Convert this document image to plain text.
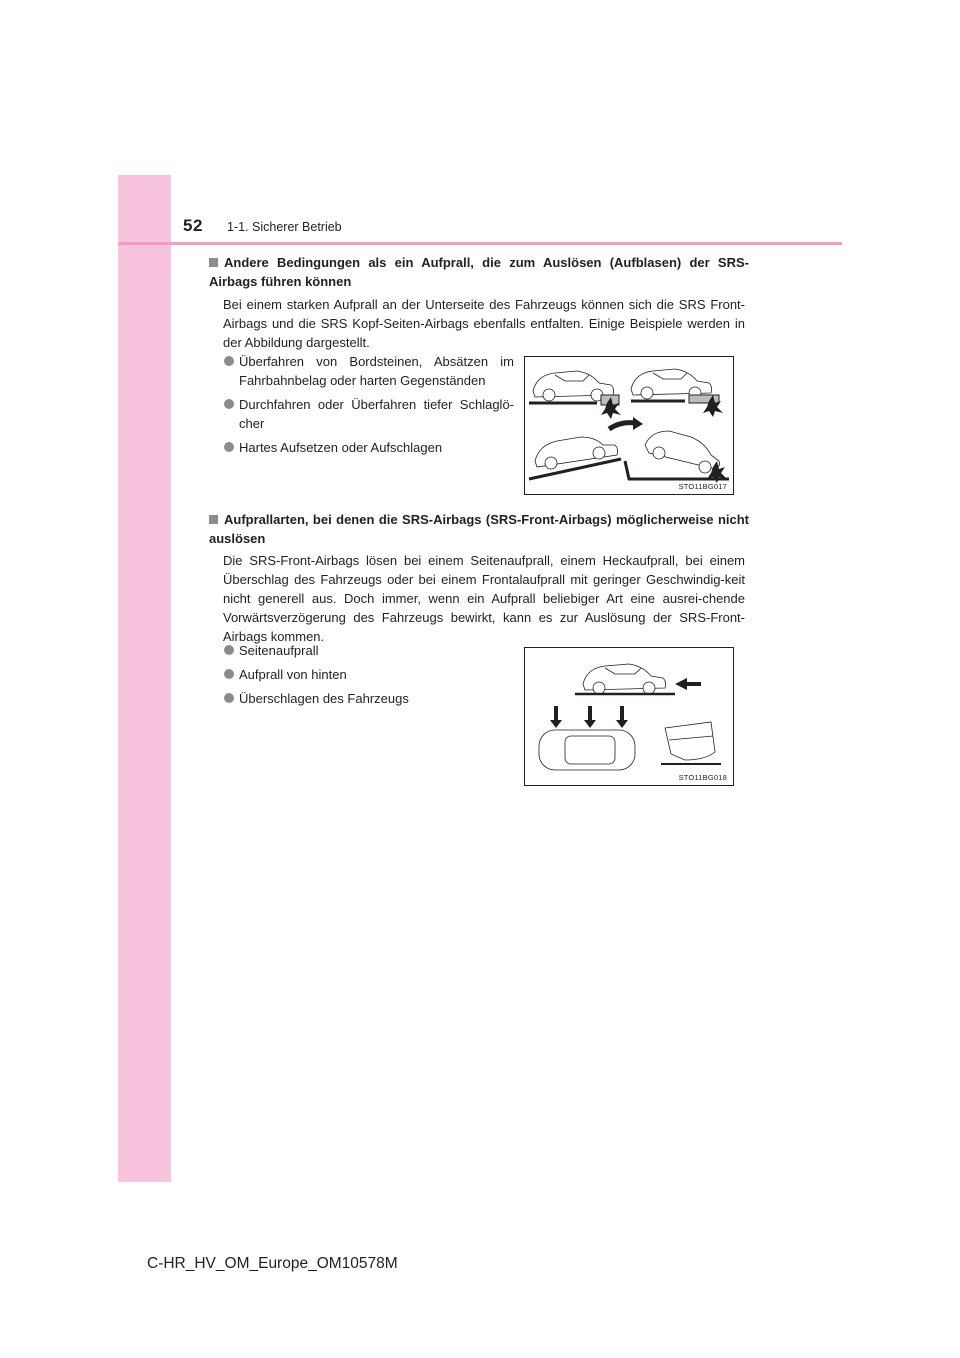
52 1-1. Sicherer Betrieb
Andere Bedingungen als ein Aufprall, die zum Auslösen (Aufblasen) der SRS-Airbags führen können
Bei einem starken Aufprall an der Unterseite des Fahrzeugs können sich die SRS Front-Airbags und die SRS Kopf-Seiten-Airbags ebenfalls entfalten. Einige Beispiele werden in der Abbildung dargestellt.
Überfahren von Bordsteinen, Absätzen im Fahrbahnbelag oder harten Gegenständen
Durchfahren oder Überfahren tiefer Schlaglö-cher
Hartes Aufsetzen oder Aufschlagen
STO11BG017
Aufprallarten, bei denen die SRS-Airbags (SRS-Front-Airbags) möglicherweise nicht auslösen
Die SRS-Front-Airbags lösen bei einem Seitenaufprall, einem Heckaufprall, bei einem Überschlag des Fahrzeugs oder bei einem Frontalaufprall mit geringer Geschwindig-keit nicht generell aus. Doch immer, wenn ein Aufprall beliebiger Art eine ausrei-chende Vorwärtsverzögerung des Fahrzeugs bewirkt, kann es zur Auslösung der SRS-Front-Airbags kommen.
Seitenaufprall
Aufprall von hinten
Überschlagen des Fahrzeugs
STO11BG018
C-HR_HV_OM_Europe_OM10578M
